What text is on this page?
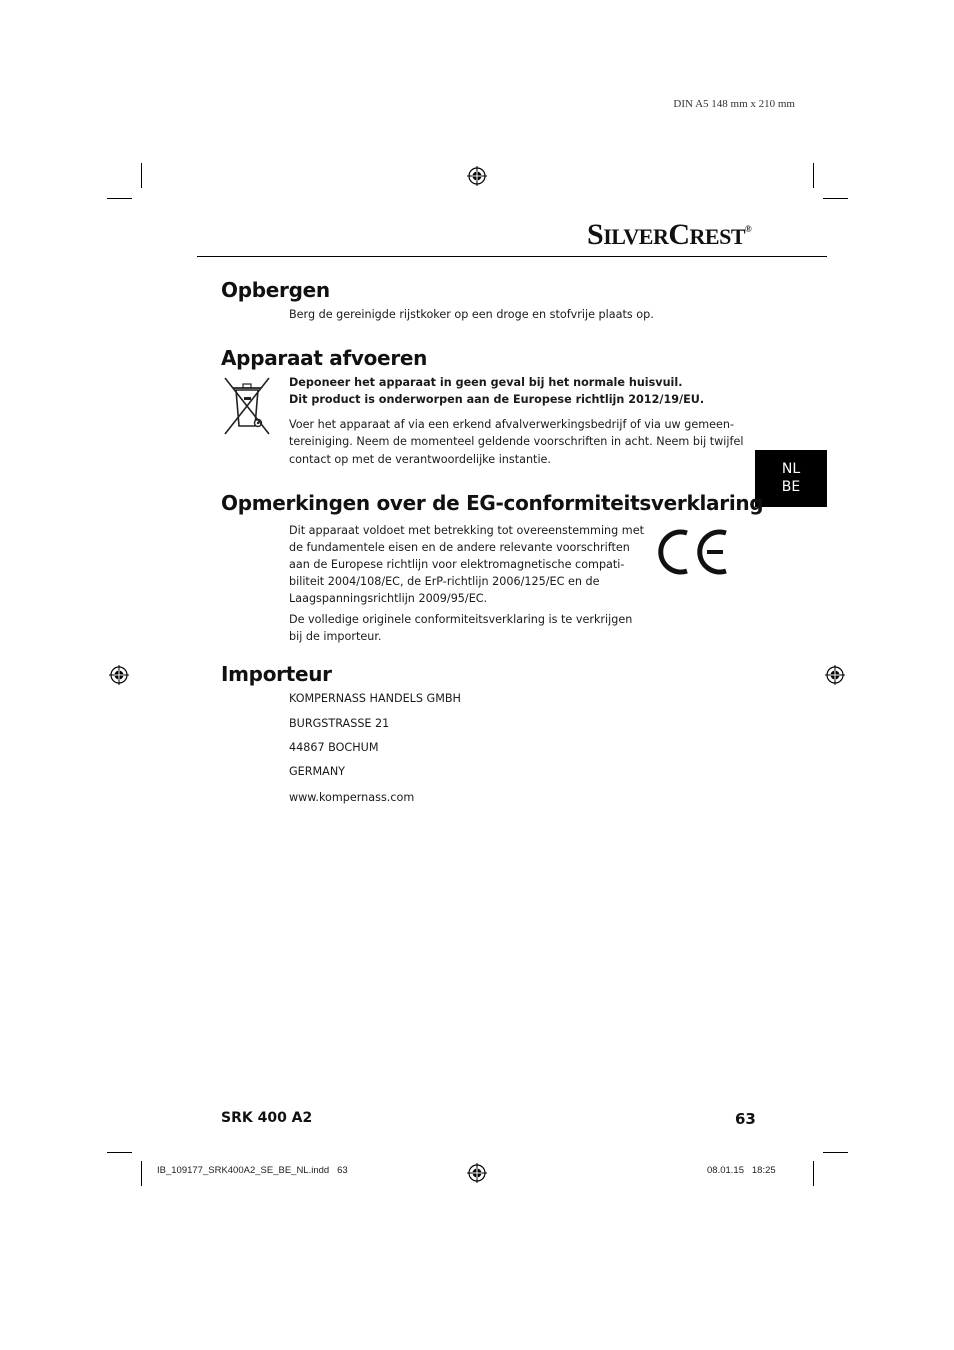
DIN A5 148 mm x 210 mm
SILVERCREST®
Opbergen
Berg de gereinigde rijstkoker op een droge en stofvrije plaats op.
Apparaat afvoeren
Deponeer het apparaat in geen geval bij het normale huisvuil.
Dit product is onderworpen aan de Europese richtlijn 2012/19/EU.
Voer het apparaat af via een erkend afvalverwerkingsbedrijf of via uw gemeen-
tereiniging. Neem de momenteel geldende voorschriften in acht. Neem bij twijfel
contact op met de verantwoordelijke instantie.
NL
BE
Opmerkingen over de EG-conformiteitsverklaring
Dit apparaat voldoet met betrekking tot overeenstemming met
de fundamentele eisen en de andere relevante voorschriften
aan de Europese richtlijn voor elektromagnetische compati-
biliteit 2004/108/EC, de ErP-richtlijn 2006/125/EC en de
Laagspanningsrichtlijn 2009/95/EC.
De volledige originele conformiteitsverklaring is te verkrijgen
bij de importeur.
Importeur
KOMPERNASS HANDELS GMBH
BURGSTRASSE 21
44867 BOCHUM
GERMANY
www.kompernass.com
SRK 400 A2	63
IB_109177_SRK400A2_SE_BE_NL.indd   63	08.01.15   18:25
